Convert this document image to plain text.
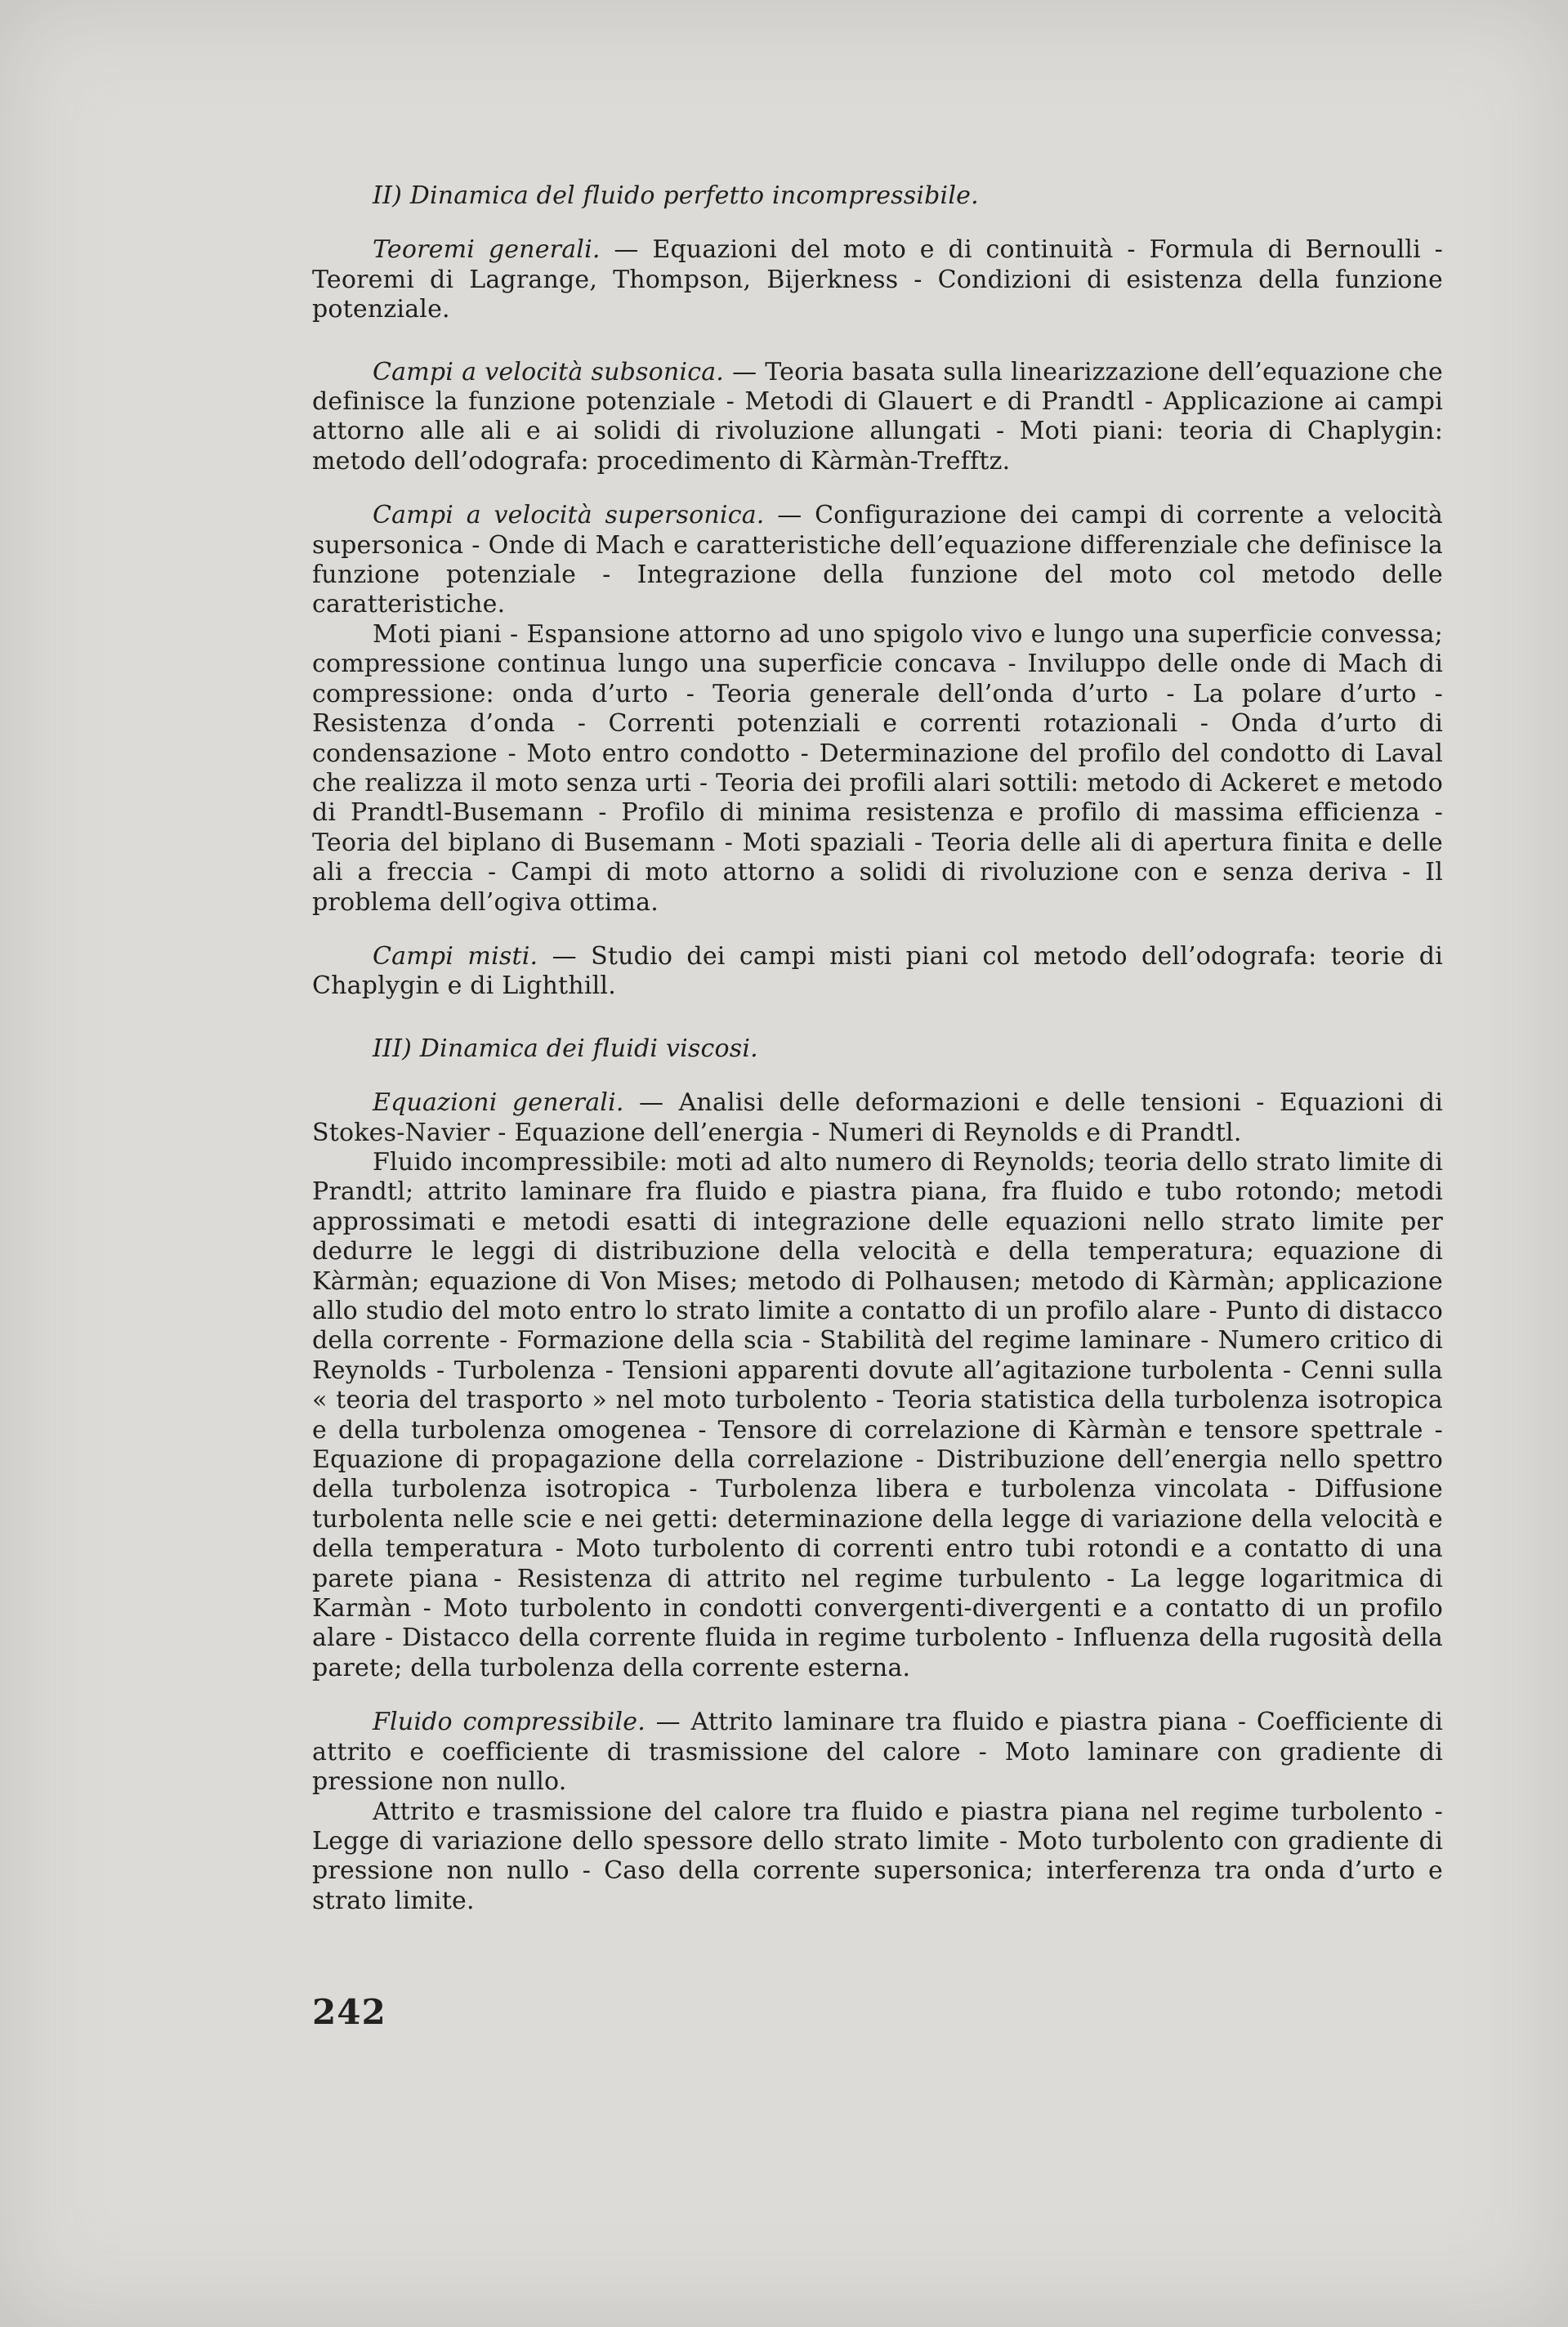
II) Dinamica del fluido perfetto incompressibile.

Teoremi generali. — Equazioni del moto e di continuità - Formula di Bernoulli - Teoremi di Lagrange, Thompson, Bijerkness - Condizioni di esistenza della funzione potenziale.

Campi a velocità subsonica. — Teoria basata sulla linearizzazione dell’equazione che definisce la funzione potenziale - Metodi di Glauert e di Prandtl - Applicazione ai campi attorno alle ali e ai solidi di rivoluzione allungati - Moti piani: teoria di Chaplygin: metodo dell’odografa: procedimento di Kàrmàn-Trefftz.

Campi a velocità supersonica. — Configurazione dei campi di corrente a velocità supersonica - Onde di Mach e caratteristiche dell’equazione differenziale che definisce la funzione potenziale - Integrazione della funzione del moto col metodo delle caratteristiche.

Moti piani - Espansione attorno ad uno spigolo vivo e lungo una superficie convessa; compressione continua lungo una superficie concava - Inviluppo delle onde di Mach di compressione: onda d’urto - Teoria generale dell’onda d’urto - La polare d’urto - Resistenza d’onda - Correnti potenziali e correnti rotazionali - Onda d’urto di condensazione - Moto entro condotto - Determinazione del profilo del condotto di Laval che realizza il moto senza urti - Teoria dei profili alari sottili: metodo di Ackeret e metodo di Prandtl-Busemann - Profilo di minima resistenza e profilo di massima efficienza - Teoria del biplano di Busemann - Moti spaziali - Teoria delle ali di apertura finita e delle ali a freccia - Campi di moto attorno a solidi di rivoluzione con e senza deriva - Il problema dell’ogiva ottima.

Campi misti. — Studio dei campi misti piani col metodo dell’odografa: teorie di Chaplygin e di Lighthill.

III) Dinamica dei fluidi viscosi.

Equazioni generali. — Analisi delle deformazioni e delle tensioni - Equazioni di Stokes-Navier - Equazione dell’energia - Numeri di Reynolds e di Prandtl.

Fluido incompressibile: moti ad alto numero di Reynolds; teoria dello strato limite di Prandtl; attrito laminare fra fluido e piastra piana, fra fluido e tubo rotondo; metodi approssimati e metodi esatti di integrazione delle equazioni nello strato limite per dedurre le leggi di distribuzione della velocità e della temperatura; equazione di Kàrmàn; equazione di Von Mises; metodo di Polhausen; metodo di Kàrmàn; applicazione allo studio del moto entro lo strato limite a contatto di un profilo alare - Punto di distacco della corrente - Formazione della scia - Stabilità del regime laminare - Numero critico di Reynolds - Turbolenza - Tensioni apparenti dovute all’agitazione turbolenta - Cenni sulla « teoria del trasporto » nel moto turbolento - Teoria statistica della turbolenza isotropica e della turbolenza omogenea - Tensore di correlazione di Kàrmàn e tensore spettrale - Equazione di propagazione della correlazione - Distribuzione dell’energia nello spettro della turbolenza isotropica - Turbolenza libera e turbolenza vincolata - Diffusione turbolenta nelle scie e nei getti: determinazione della legge di variazione della velocità e della temperatura - Moto turbolento di correnti entro tubi rotondi e a contatto di una parete piana - Resistenza di attrito nel regime turbulento - La legge logaritmica di Karmàn - Moto turbolento in condotti convergenti-divergenti e a contatto di un profilo alare - Distacco della corrente fluida in regime turbolento - Influenza della rugosità della parete; della turbolenza della corrente esterna.

Fluido compressibile. — Attrito laminare tra fluido e piastra piana - Coefficiente di attrito e coefficiente di trasmissione del calore - Moto laminare con gradiente di pressione non nullo.

Attrito e trasmissione del calore tra fluido e piastra piana nel regime turbolento - Legge di variazione dello spessore dello strato limite - Moto turbolento con gradiente di pressione non nullo - Caso della corrente supersonica; interferenza tra onda d’urto e strato limite.

242
